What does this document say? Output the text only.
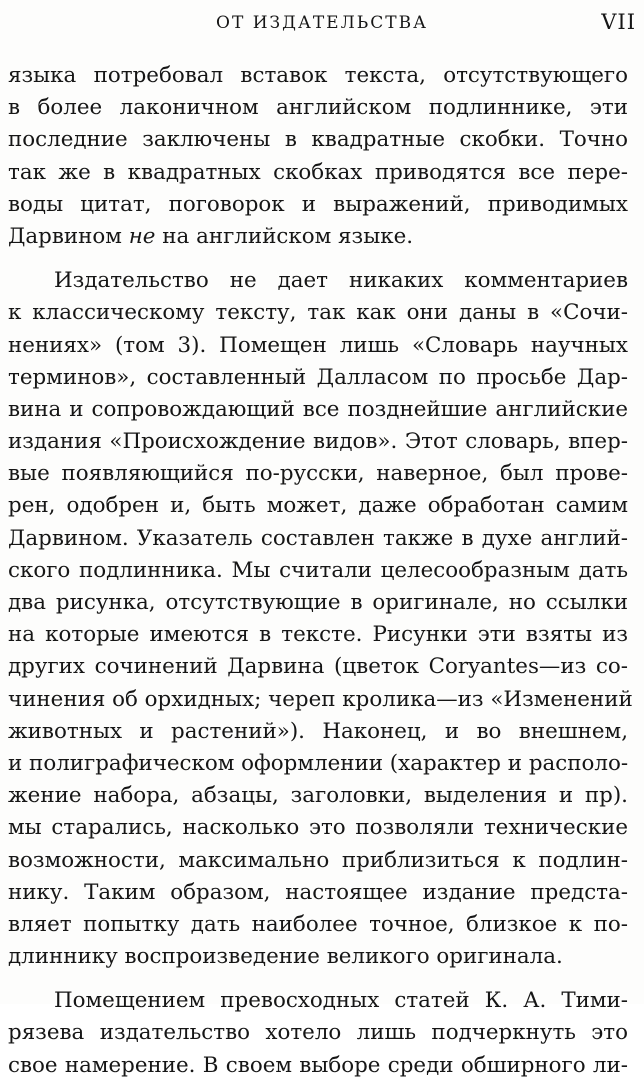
ОТ ИЗДАТЕЛЬСТВА	VII
языка потребовал вставок текста, отсутствующего
в более лаконичном английском подлиннике, эти
последние заключены в квадратные скобки. Точно
так же в квадратных скобках приводятся все пере-
воды цитат, поговорок и выражений, приводимых
Дарвином не на английском языке.
Издательство не дает никаких комментариев
к классическому тексту, так как они даны в «Сочи-
нениях» (том 3). Помещен лишь «Словарь научных
терминов», составленный Далласом по просьбе Дар-
вина и сопровождающий все позднейшие английские
издания «Происхождение видов». Этот словарь, впер-
вые появляющийся по-русски, наверное, был прове-
рен, одобрен и, быть может, даже обработан самим
Дарвином. Указатель составлен также в духе англий-
ского подлинника. Мы считали целесообразным дать
два рисунка, отсутствующие в оригинале, но ссылки
на которые имеются в тексте. Рисунки эти взяты из
других сочинений Дарвина (цветок Coryantes—из со-
чинения об орхидных; череп кролика—из «Изменений
животных и растений»). Наконец, и во внешнем,
и полиграфическом оформлении (характер и располо-
жение набора, абзацы, заголовки, выделения и пр).
мы старались, насколько это позволяли технические
возможности, максимально приблизиться к подлин-
нику. Таким образом, настоящее издание предста-
вляет попытку дать наиболее точное, близкое к по-
длиннику воспроизведение великого оригинала.
Помещением превосходных статей К. А. Тими-
рязева издательство хотело лишь подчеркнуть это
свое намерение. В своем выборе среди обширного ли-
